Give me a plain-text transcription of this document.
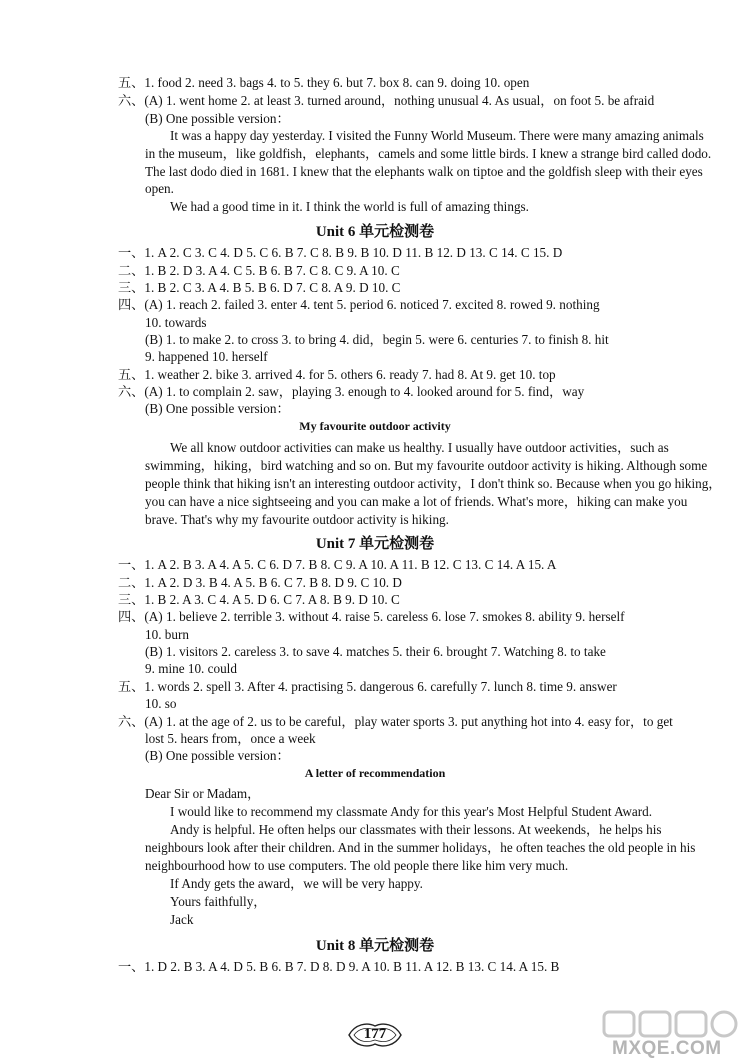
五、1. food 2. need 3. bags 4. to 5. they 6. but 7. box 8. can 9. doing 10. open
六、(A) 1. went home 2. at least 3. turned around，nothing unusual 4. As usual，on foot 5. be afraid
(B) One possible version：
It was a happy day yesterday. I visited the Funny World Museum. There were many amazing animals
in the museum，like goldfish，elephants，camels and some little birds. I knew a strange bird called dodo.
The last dodo died in 1681. I knew that the elephants walk on tiptoe and the goldfish sleep with their eyes
open.
We had a good time in it. I think the world is full of amazing things.
一、1. A 2. C 3. C 4. D 5. C 6. B 7. C 8. B 9. B 10. D 11. B 12. D 13. C 14. C 15. D
二、1. B 2. D 3. A 4. C 5. B 6. B 7. C 8. C 9. A 10. C
三、1. B 2. C 3. A 4. B 5. B 6. D 7. C 8. A 9. D 10. C
四、(A) 1. reach 2. failed 3. enter 4. tent 5. period 6. noticed 7. excited 8. rowed 9. nothing
10. towards
(B) 1. to make 2. to cross 3. to bring 4. did，begin 5. were 6. centuries 7. to finish 8. hit
9. happened 10. herself
五、1. weather 2. bike 3. arrived 4. for 5. others 6. ready 7. had 8. At 9. get 10. top
六、(A) 1. to complain 2. saw，playing 3. enough to 4. looked around for 5. find，way
(B) One possible version：
We all know outdoor activities can make us healthy. I usually have outdoor activities，such as
swimming，hiking，bird watching and so on. But my favourite outdoor activity is hiking. Although some
people think that hiking isn't an interesting outdoor activity，I don't think so. Because when you go hiking，
you can have a nice sightseeing and you can make a lot of friends. What's more，hiking can make you
brave. That's why my favourite outdoor activity is hiking.
一、1. A 2. B 3. A 4. A 5. C 6. D 7. B 8. C 9. A 10. A 11. B 12. C 13. C 14. A 15. A
二、1. A 2. D 3. B 4. A 5. B 6. C 7. B 8. D 9. C 10. D
三、1. B 2. A 3. C 4. A 5. D 6. C 7. A 8. B 9. D 10. C
四、(A) 1. believe 2. terrible 3. without 4. raise 5. careless 6. lose 7. smokes 8. ability 9. herself
10. burn
(B) 1. visitors 2. careless 3. to save 4. matches 5. their 6. brought 7. Watching 8. to take
9. mine 10. could
五、1. words 2. spell 3. After 4. practising 5. dangerous 6. carefully 7. lunch 8. time 9. answer
10. so
六、(A) 1. at the age of 2. us to be careful，play water sports 3. put anything hot into 4. easy for，to get
lost 5. hears from，once a week
(B) One possible version：
Dear Sir or Madam，
I would like to recommend my classmate Andy for this year's Most Helpful Student Award.
Andy is helpful. He often helps our classmates with their lessons. At weekends，he helps his
neighbours look after their children. And in the summer holidays，he often teaches the old people in his
neighbourhood how to use computers. The old people there like him very much.
If Andy gets the award，we will be very happy.
Yours faithfully，
Jack
一、1. D 2. B 3. A 4. D 5. B 6. B 7. D 8. D 9. A 10. B 11. A 12. B 13. C 14. A 15. B
Unit 6 单元检测卷
Unit 7 单元检测卷
Unit 8 单元检测卷
My favourite outdoor activity
A letter of recommendation
177
MXQE.COM
